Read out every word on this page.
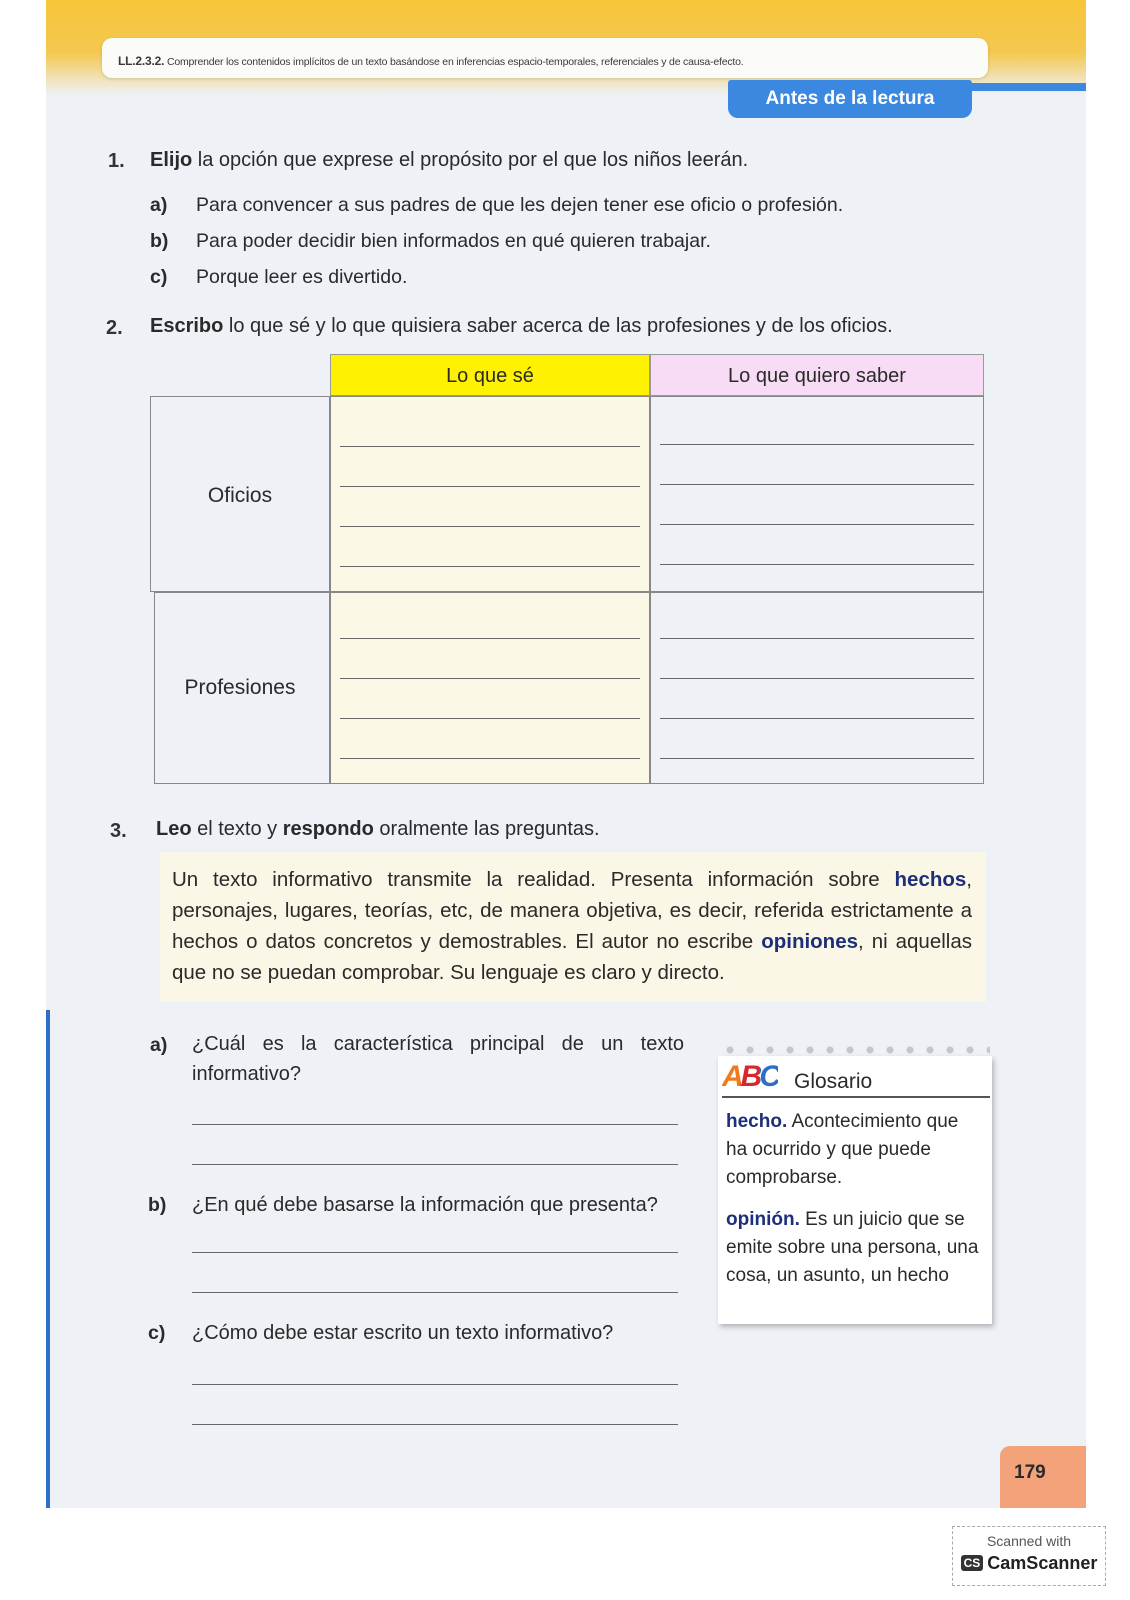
LL.2.3.2. Comprender los contenidos implícitos de un texto basándose en inferencias espacio-temporales, referenciales y de causa-efecto.
Antes de la lectura
1. Elijo la opción que exprese el propósito por el que los niños leerán.
a) Para convencer a sus padres de que les dejen tener ese oficio o profesión.
b) Para poder decidir bien informados en qué quieren trabajar.
c) Porque leer es divertido.
2. Escribo lo que sé y lo que quisiera saber acerca de las profesiones y de los oficios.
Lo que sé	Lo que quiero saber
Oficios
Profesiones
3. Leo el texto y respondo oralmente las preguntas.
Un texto informativo transmite la realidad. Presenta información sobre hechos, personajes, lugares, teorías, etc, de manera objetiva, es decir, referida estrictamente a hechos o datos concretos y demostrables. El autor no escribe opiniones, ni aquellas que no se puedan comprobar. Su lenguaje es claro y directo.
a) ¿Cuál es la característica principal de un texto
informativo?
b) ¿En qué debe basarse la información que presenta?
c) ¿Cómo debe estar escrito un texto informativo?
ABC Glosario
hecho. Acontecimiento que ha ocurrido y que puede comprobarse.
opinión. Es un juicio que se emite sobre una persona, una cosa, un asunto, un hecho
179
Scanned with
CS CamScanner
